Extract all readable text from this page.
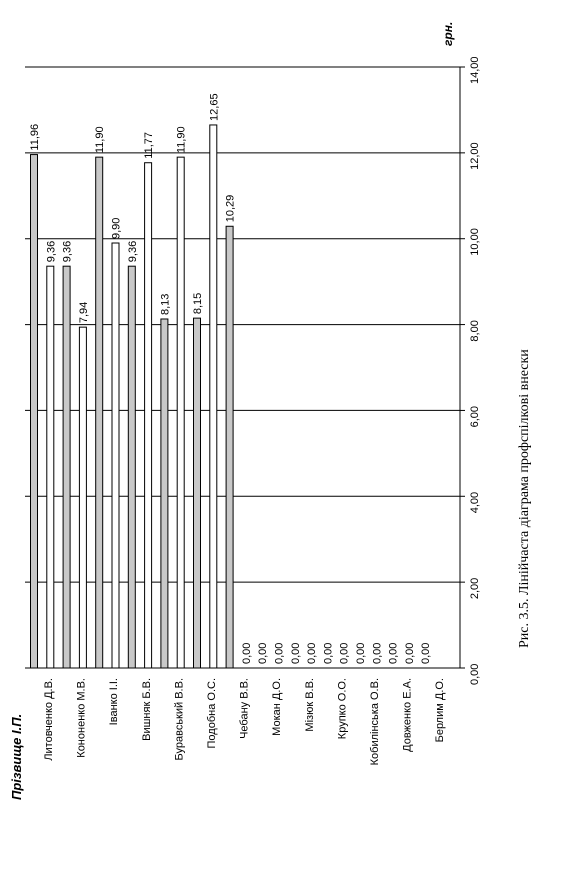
0,00
2,00
4,00
6,00
8,00
10,00
12,00
14,00
Литовченко Д.В. Кононенко М.В. Іванко І.І. Вишняк Б.В. Буравський В.В. Подобна О.С. Чебану В.В. Мокан Д.О. Мізюк В.В. Крупко О.О. Кобилінська О.В. Довженко Е.А. Берлим Д.О.
11,96
9,36 9,36
7,94
11,90
9,90
9,36
11,77
8,13
11,90
8,15
12,65
10,29
0,00 0,00 0,00 0,00 0,00 0,00 0,00 0,00 0,00 0,00 0,00 0,00
Прізвище І.П.
грн.
Рис. 3.5. Лінійчаста діаграма профспілкові внески
